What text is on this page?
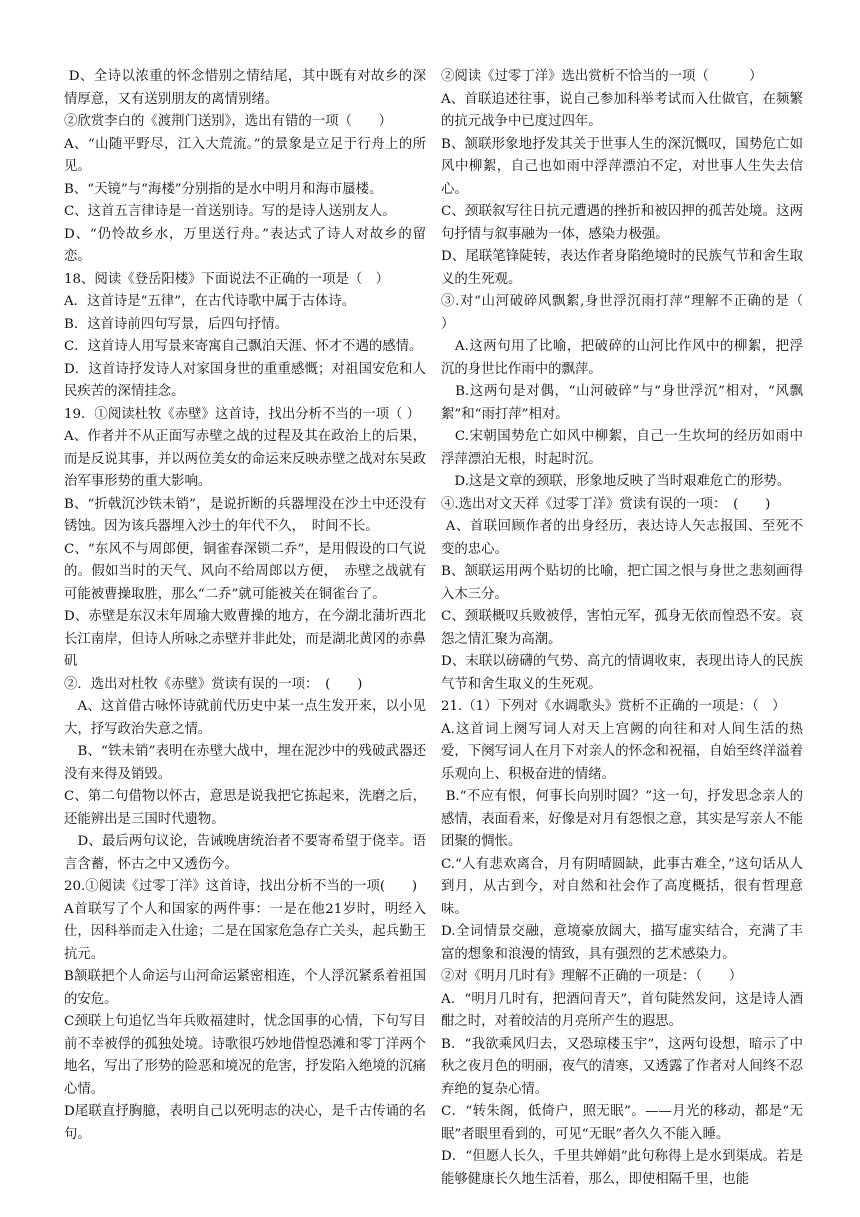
D、全诗以浓重的怀念惜别之情结尾，其中既有对故乡的深情厚意，又有送别朋友的离情别绪。

②欣赏李白的《渡荆门送别》，选出有错的一项（　　）

A、“山随平野尽，江入大荒流。”的景象是立足于行舟上的所见。

B、“天镜”与“海楼”分别指的是水中明月和海市蜃楼。

C、这首五言律诗是一首送别诗。写的是诗人送别友人。

D、“仍怜故乡水，万里送行舟。”表达式了诗人对故乡的留恋。

18、阅读《登岳阳楼》下面说法不正确的一项是（　）

A．这首诗是“五律”，在古代诗歌中属于古体诗。

B．这首诗前四句写景，后四句抒情。

C．这首诗人用写景来寄寓自己飘泊天涯、怀才不遇的感情。

D．这首诗抒发诗人对家国身世的重重感慨；对祖国安危和人民疾苦的深情挂念。

19．①阅读杜牧《赤壁》这首诗，找出分析不当的一项（ ）

A、作者并不从正面写赤壁之战的过程及其在政治上的后果，而是反说其事，并以两位美女的命运来反映赤壁之战对东吴政治军事形势的重大影响。

B、“折戟沉沙铁未销”，是说折断的兵器埋没在沙土中还没有锈蚀。因为该兵器埋入沙土的年代不久，　时间不长。

C、“东风不与周郎便，铜雀春深锁二乔”，是用假设的口气说的。假如当时的天气、风向不给周郎以方便，　赤壁之战就有可能被曹操取胜，那么“二乔”就可能被关在铜雀台了。

D、赤壁是东汉末年周瑜大败曹操的地方，在今湖北蒲圻西北长江南岸，但诗人所咏之赤壁并非此处，而是湖北黄冈的赤鼻矶

②．选出对杜牧《赤壁》赏读有误的一项：　(　　)

　A、这首借古咏怀诗就前代历史中某一点生发开来，以小见大，抒写政治失意之情。

　B、“铁未销”表明在赤壁大战中，埋在泥沙中的残破武器还没有来得及销毁。

C、第二句借物以怀古，意思是说我把它拣起来，洗磨之后，还能辨出是三国时代遗物。

　D、最后两句议论，告诫晚唐统治者不要寄希望于侥幸。语言含蓄，怀古之中又透伤今。

20.①阅读《过零丁洋》这首诗，找出分析不当的一项(　　)

A首联写了个人和国家的两件事：一是在他21岁时，明经入仕，因科举而走入仕途；二是在国家危急存亡关头，起兵勤王抗元。

B颔联把个人命运与山河命运紧密相连，个人浮沉紧系着祖国的安危。

C颈联上句追忆当年兵败福建时，忧念国事的心情，下句写目前不幸被俘的孤独处境。诗歌很巧妙地借惶恐滩和零丁洋两个地名，写出了形势的险恶和境况的危害，抒发陷入绝境的沉痛心情。

D尾联直抒胸臆，表明自己以死明志的决心，是千古传诵的名句。

②阅读《过零丁洋》选出赏析不恰当的一项（　　　）

A、首联追述往事，说自己参加科举考试而入仕做官，在频繁的抗元战争中已度过四年。

B、颔联形象地抒发其关于世事人生的深沉慨叹，国势危亡如风中柳絮，自己也如雨中浮萍漂泊不定，对世事人生失去信心。

C、颈联叙写往日抗元遭遇的挫折和被囚押的孤苦处境。这两句抒情与叙事融为一体，感染力极强。

D、尾联笔锋陡转，表达作者身陷绝境时的民族气节和舍生取义的生死观。

③.对“山河破碎风飘絮,身世浮沉雨打萍”理解不正确的是（　　）

　A.这两句用了比喻，把破碎的山河比作风中的柳絮，把浮沉的身世比作雨中的飘萍。

　B.这两句是对偶，“山河破碎”与“身世浮沉”相对，“风飘絮”和“雨打萍”相对。

　C.宋朝国势危亡如风中柳絮，自己一生坎坷的经历如雨中浮萍漂泊无根，时起时沉。

　D.这是文章的颈联，形象地反映了当时艰难危亡的形势。

④.选出对文天祥《过零丁洋》赏读有误的一项：　(　　)

A、首联回顾作者的出身经历，表达诗人矢志报国、至死不变的忠心。

B、颔联运用两个贴切的比喻，把亡国之恨与身世之悲刻画得入木三分。

C、颈联概叹兵败被俘，害怕元军，孤身无依而惶恐不安。哀怨之情汇聚为高潮。

D、末联以磅礴的气势、高亢的情调收束，表现出诗人的民族气节和舍生取义的生死观。

21.（1）下列对《水调歌头》赏析不正确的一项是：（　）

A.这首词上阕写词人对天上宫阙的向往和对人间生活的热爱，下阕写词人在月下对亲人的怀念和祝福，自始至终洋溢着乐观向上、积极奋进的情绪。

B.“不应有恨，何事长向别时圆？”这一句，抒发思念亲人的感情，表面看来，好像是对月有怨恨之意，其实是写亲人不能团聚的惆怅。

C.“人有悲欢离合，月有阴晴圆缺，此事古难全，”这句话从人到月，从古到今，对自然和社会作了高度概括，很有哲理意味。

D.全词情景交融，意境豪放阔大，描写虚实结合，充满了丰富的想象和浪漫的情致，具有强烈的艺术感染力。

②对《明月几时有》理解不正确的一项是：（　　）

A．“明月几时有，把酒问青天”，首句陡然发问，这是诗人酒酣之时，对着皎洁的月亮所产生的遐思。

B．“我欲乘风归去，又恐琼楼玉宇”，这两句设想，暗示了中秋之夜月色的明丽，夜气的清寒，又透露了作者对人间终不忍弃绝的复杂心情。

C．“转朱阁，低倚户，照无眠”。——月光的移动，都是“无眠”者眼里看到的，可见“无眠”者久久不能入睡。

D．“但愿人长久，千里共婵娟”此句称得上是水到渠成。若是能够健康长久地生活着，那么，即使相隔千里，也能
